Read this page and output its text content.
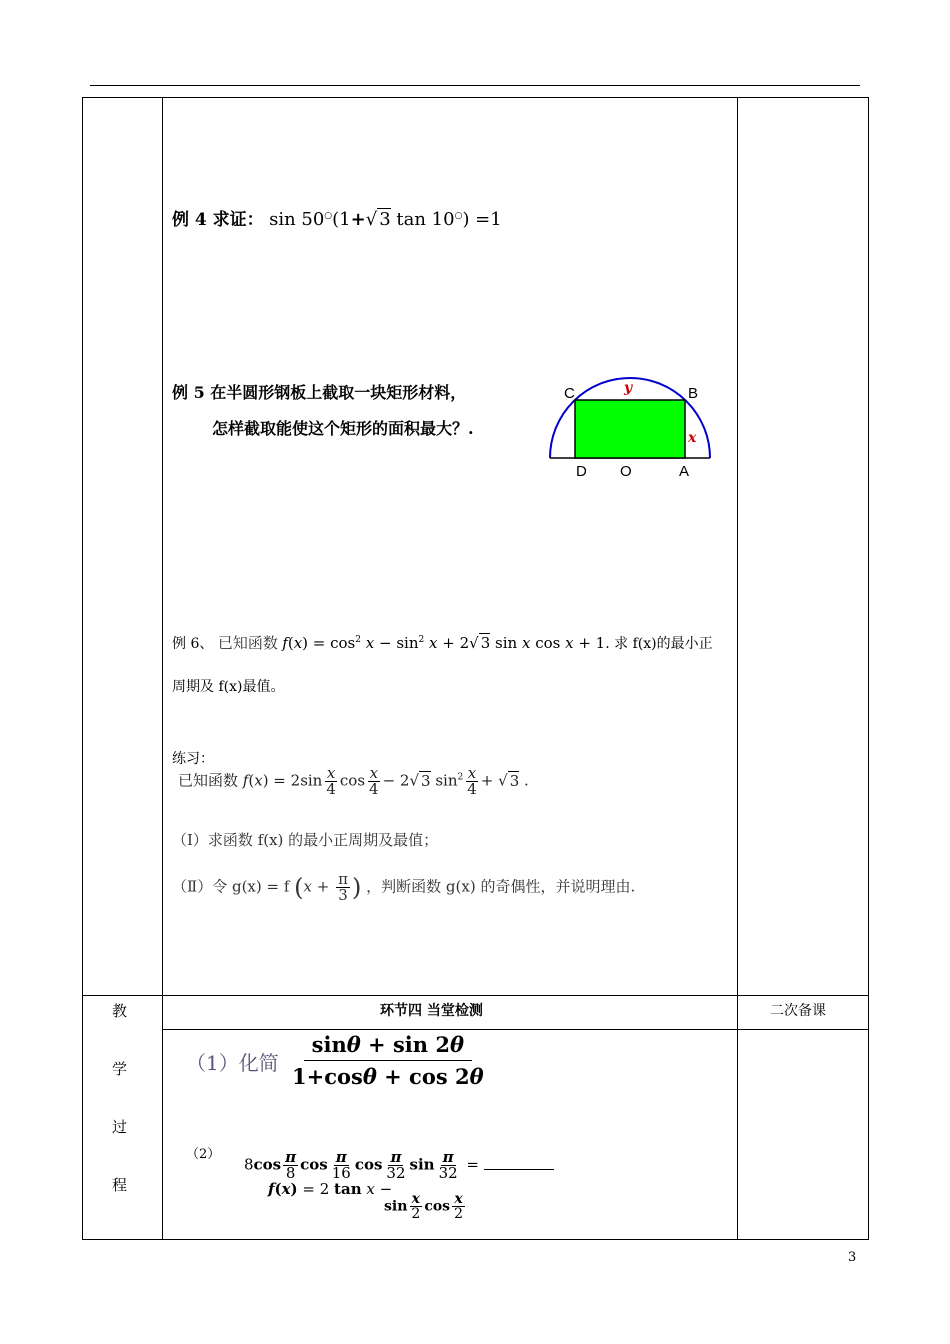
例 4 求证： sin 50○(1+√ 3 tan 10○) =1
例 5 在半圆形钢板上截取一块矩形材料，
怎样截取能使这个矩形的面积最大？.
C	B
y
x
D O	A
例 6、 已知函数 $f(x) = \cos^2 x - \sin^2 x + 2√$ 3 sin x cos x + 1. 求 f(x)的最小正
周期及 f(x)最值。
练习：
已知函数 $f(x) = 2\sin \frac{x}{4}$ $\cos \frac{x}{4} - 2√$ 3 $\sin^2 \frac{x}{4}$ + √ 3 .
（Ⅰ）求函数 f(x) 的最小正周期及最值；
（Ⅱ）令 g(x) = f ($x + \frac{\pi}{3}$ ) ，判断函数 g(x) 的奇偶性，并说明理由.
环节四 当堂检测	二次备课
教
学
过
程
（1）化简
sinθ + sin 2θ
1+cosθ + cos 2θ
（2）
$8\cos \frac{\pi}{8}$ $\cos \frac{\pi}{16}$ $\cos \frac{\pi}{32}$ $\sin \frac{\pi}{32}$ =
f(x) = 2 tan x −
$\sin \frac{x}{2}$ $\cos \frac{x}{2}$
3
